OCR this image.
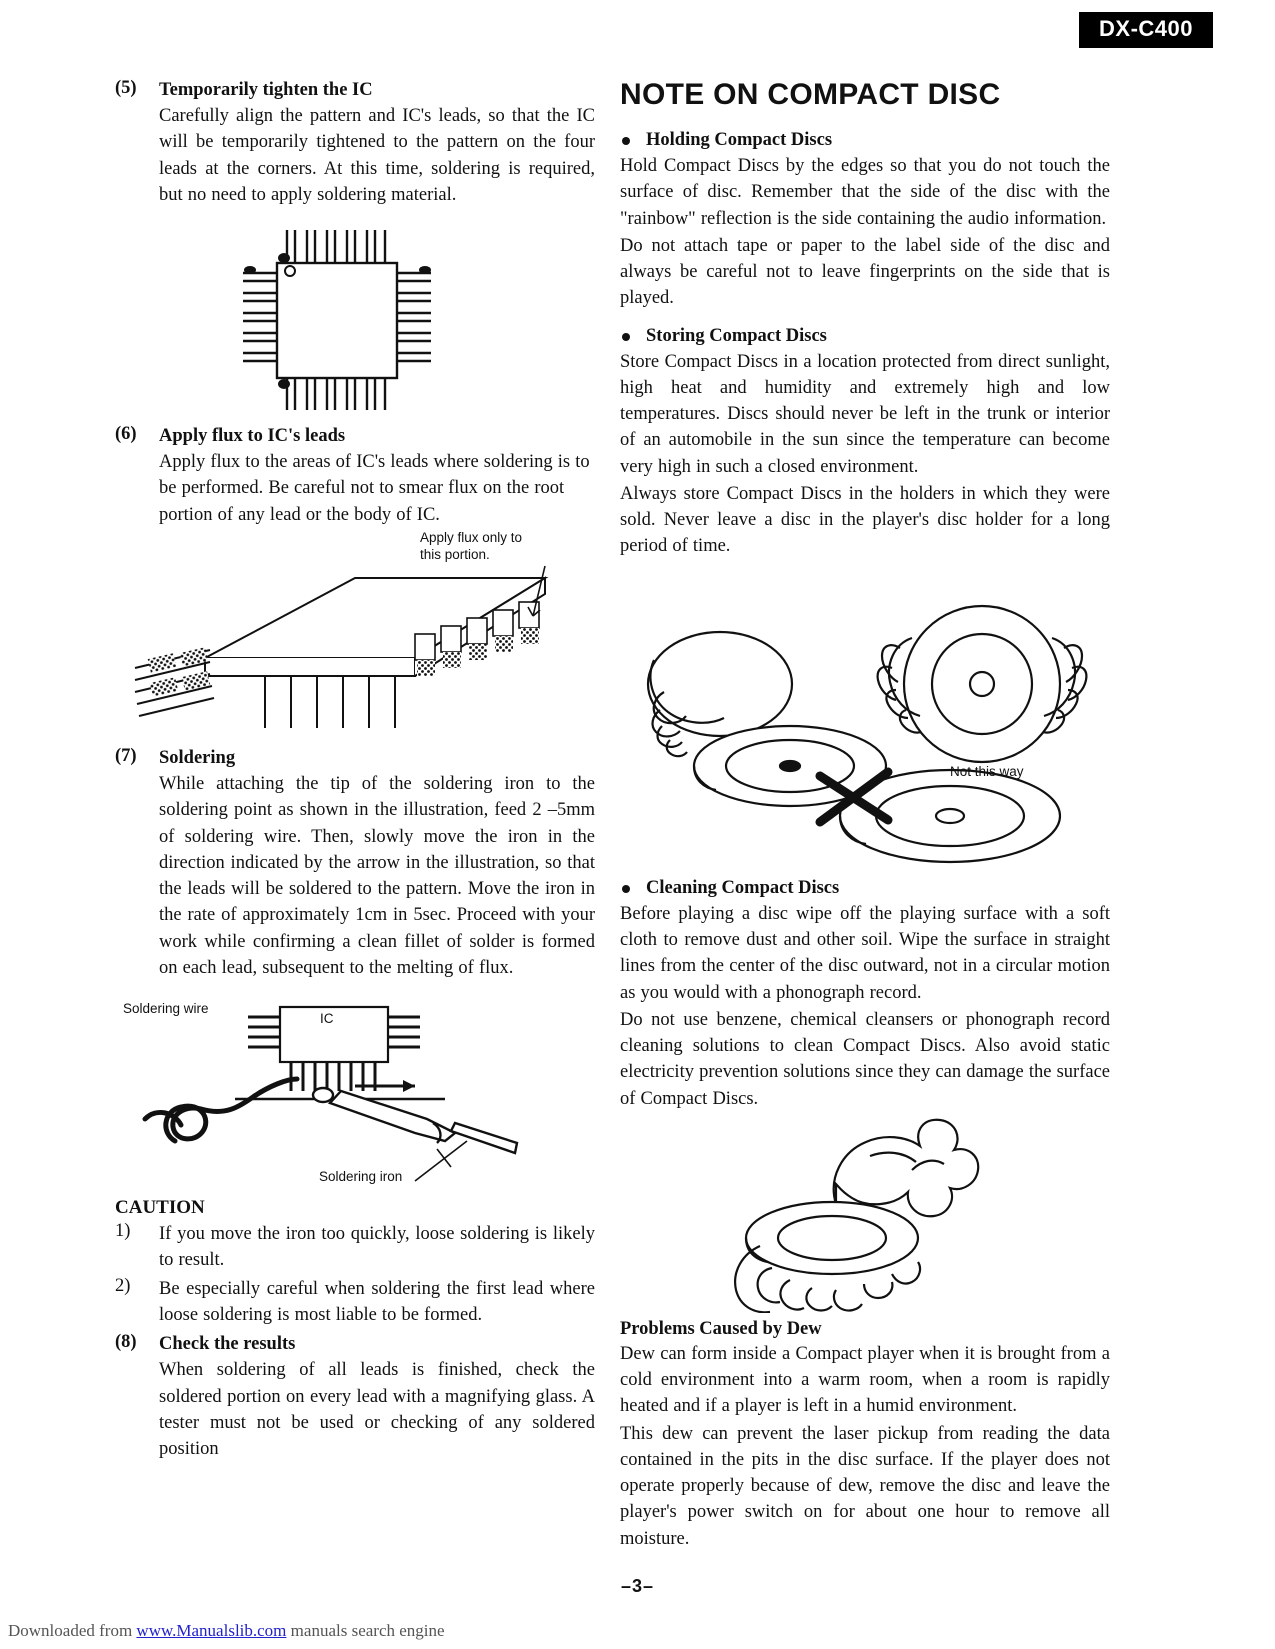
DX-C400
(5) Temporarily tighten the IC

Carefully align the pattern and IC's leads, so that the IC will be temporarily tightened to the pattern on the four leads at the corners. At this time, soldering is required, but no need to apply soldering material.

(6) Apply flux to IC's leads

Apply flux to the areas of IC's leads where soldering is to be performed. Be careful not to smear flux on the root portion of any lead or the body of IC.

Apply flux only to
this portion.
(7) Soldering

While attaching the tip of the soldering iron to the soldering point as shown in the illustration, feed 2 –5mm of soldering wire. Then, slowly move the iron in the direction indicated by the arrow in the illustration, so that the leads will be soldered to the pattern. Move the iron in the rate of approximately 1cm in 5sec. Proceed with your work while confirming a clean fillet of solder is formed on each lead, subsequent to the melting of flux.

Soldering wire
IC
Soldering iron
CAUTION
1) If you move the iron too quickly, loose soldering is likely to result.
2) Be especially careful when soldering the first lead where loose soldering is most liable to be formed.
(8) Check the results

When soldering of all leads is finished, check the soldered portion on every lead with a magnifying glass. A tester must not be used or checking of any soldered position

NOTE ON COMPACT DISC
Holding Compact Discs

Hold Compact Discs by the edges so that you do not touch the surface of disc. Remember that the side of the disc with the "rainbow" reflection is the side containing the audio information.

Do not attach tape or paper to the label side of the disc and always be careful not to leave fingerprints on the side that is played.

Storing Compact Discs

Store Compact Discs in a location protected from direct sunlight, high heat and humidity and extremely high and low temperatures. Discs should never be left in the trunk or interior of an automobile in the sun since the temperature can become very high in such a closed environment.

Always store Compact Discs in the holders in which they were sold. Never leave a disc in the player's disc holder for a long period of time.

Not this way
Cleaning Compact Discs

Before playing a disc wipe off the playing surface with a soft cloth to remove dust and other soil. Wipe the surface in straight lines from the center of the disc outward, not in a circular motion as you would with a phonograph record.

Do not use benzene, chemical cleansers or phonograph record cleaning solutions to clean Compact Discs. Also avoid static electricity prevention solutions since they can damage the surface of Compact Discs.

Problems Caused by Dew

Dew can form inside a Compact player when it is brought from a cold environment into a warm room, when a room is rapidly heated and if a player is left in a humid environment.

This dew can prevent the laser pickup from reading the data contained in the pits in the disc surface. If the player does not operate properly because of dew, remove the disc and leave the player's power switch on for about one hour to remove all moisture.

–3–
Downloaded from www.Manualslib.com manuals search engine
